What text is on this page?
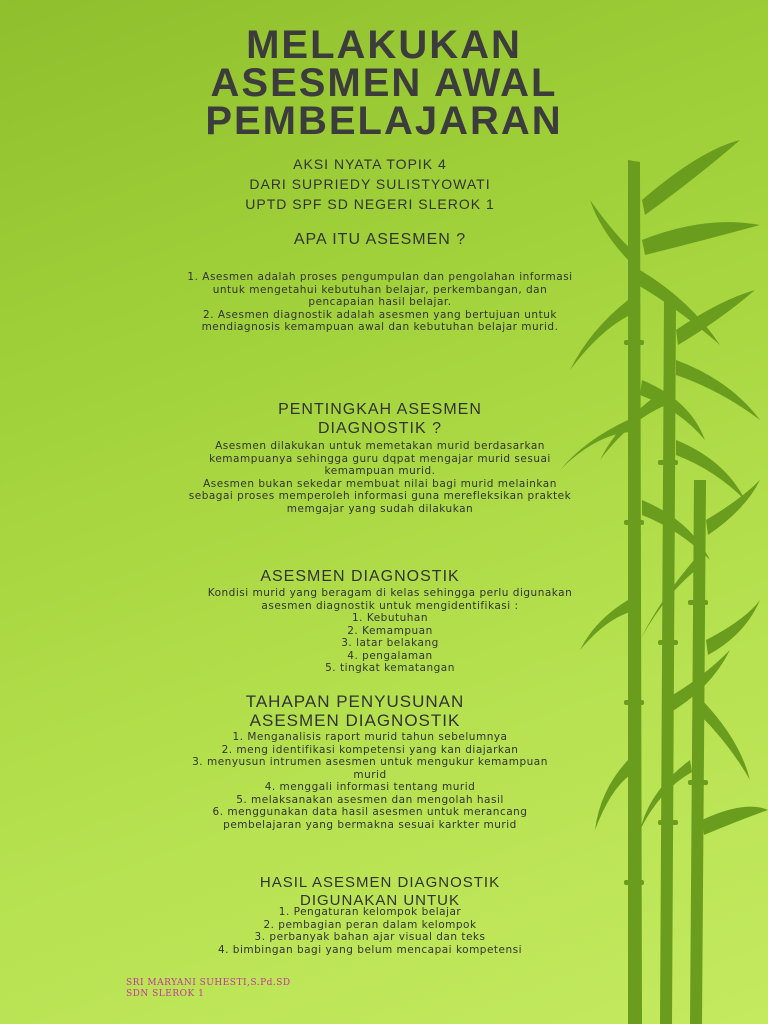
MELAKUKAN
ASESMEN AWAL
PEMBELAJARAN
AKSI NYATA TOPIK 4
DARI SUPRIEDY SULISTYOWATI
UPTD SPF SD NEGERI SLEROK 1
APA ITU ASESMEN ?
1. Asesmen adalah proses pengumpulan dan pengolahan informasi
untuk mengetahui kebutuhan belajar, perkembangan, dan
pencapaian hasil belajar.
2. Asesmen diagnostik adalah asesmen yang bertujuan untuk
mendiagnosis kemampuan awal dan kebutuhan belajar murid.
PENTINGKAH ASESMEN
DIAGNOSTIK ?
Asesmen dilakukan untuk memetakan murid berdasarkan
kemampuanya sehingga guru dqpat mengajar murid sesuai
kemampuan murid.
Asesmen bukan sekedar membuat nilai bagi murid melainkan
sebagai proses memperoleh informasi guna merefleksikan praktek
memgajar yang sudah dilakukan
ASESMEN DIAGNOSTIK
Kondisi murid yang beragam di kelas sehingga perlu digunakan
asesmen diagnostik untuk mengidentifikasi :
1. Kebutuhan
2. Kemampuan
3. latar belakang
4. pengalaman
5. tingkat kematangan
TAHAPAN PENYUSUNAN
ASESMEN DIAGNOSTIK
1. Menganalisis raport murid tahun sebelumnya
2. meng identifikasi kompetensi yang kan diajarkan
3. menyusun intrumen asesmen untuk mengukur kemampuan
murid
4. menggali informasi tentang murid
5. melaksanakan asesmen dan mengolah hasil
6. menggunakan data hasil asesmen untuk merancang
pembelajaran yang bermakna sesuai karkter murid
HASIL ASESMEN DIAGNOSTIK
DIGUNAKAN UNTUK
1. Pengaturan kelompok belajar
2. pembagian peran dalam kelompok
3. perbanyak bahan ajar visual dan teks
4. bimbingan bagi yang belum mencapai kompetensi
SRI MARYANI SUHESTI,S.Pd.SD
SDN SLEROK 1
